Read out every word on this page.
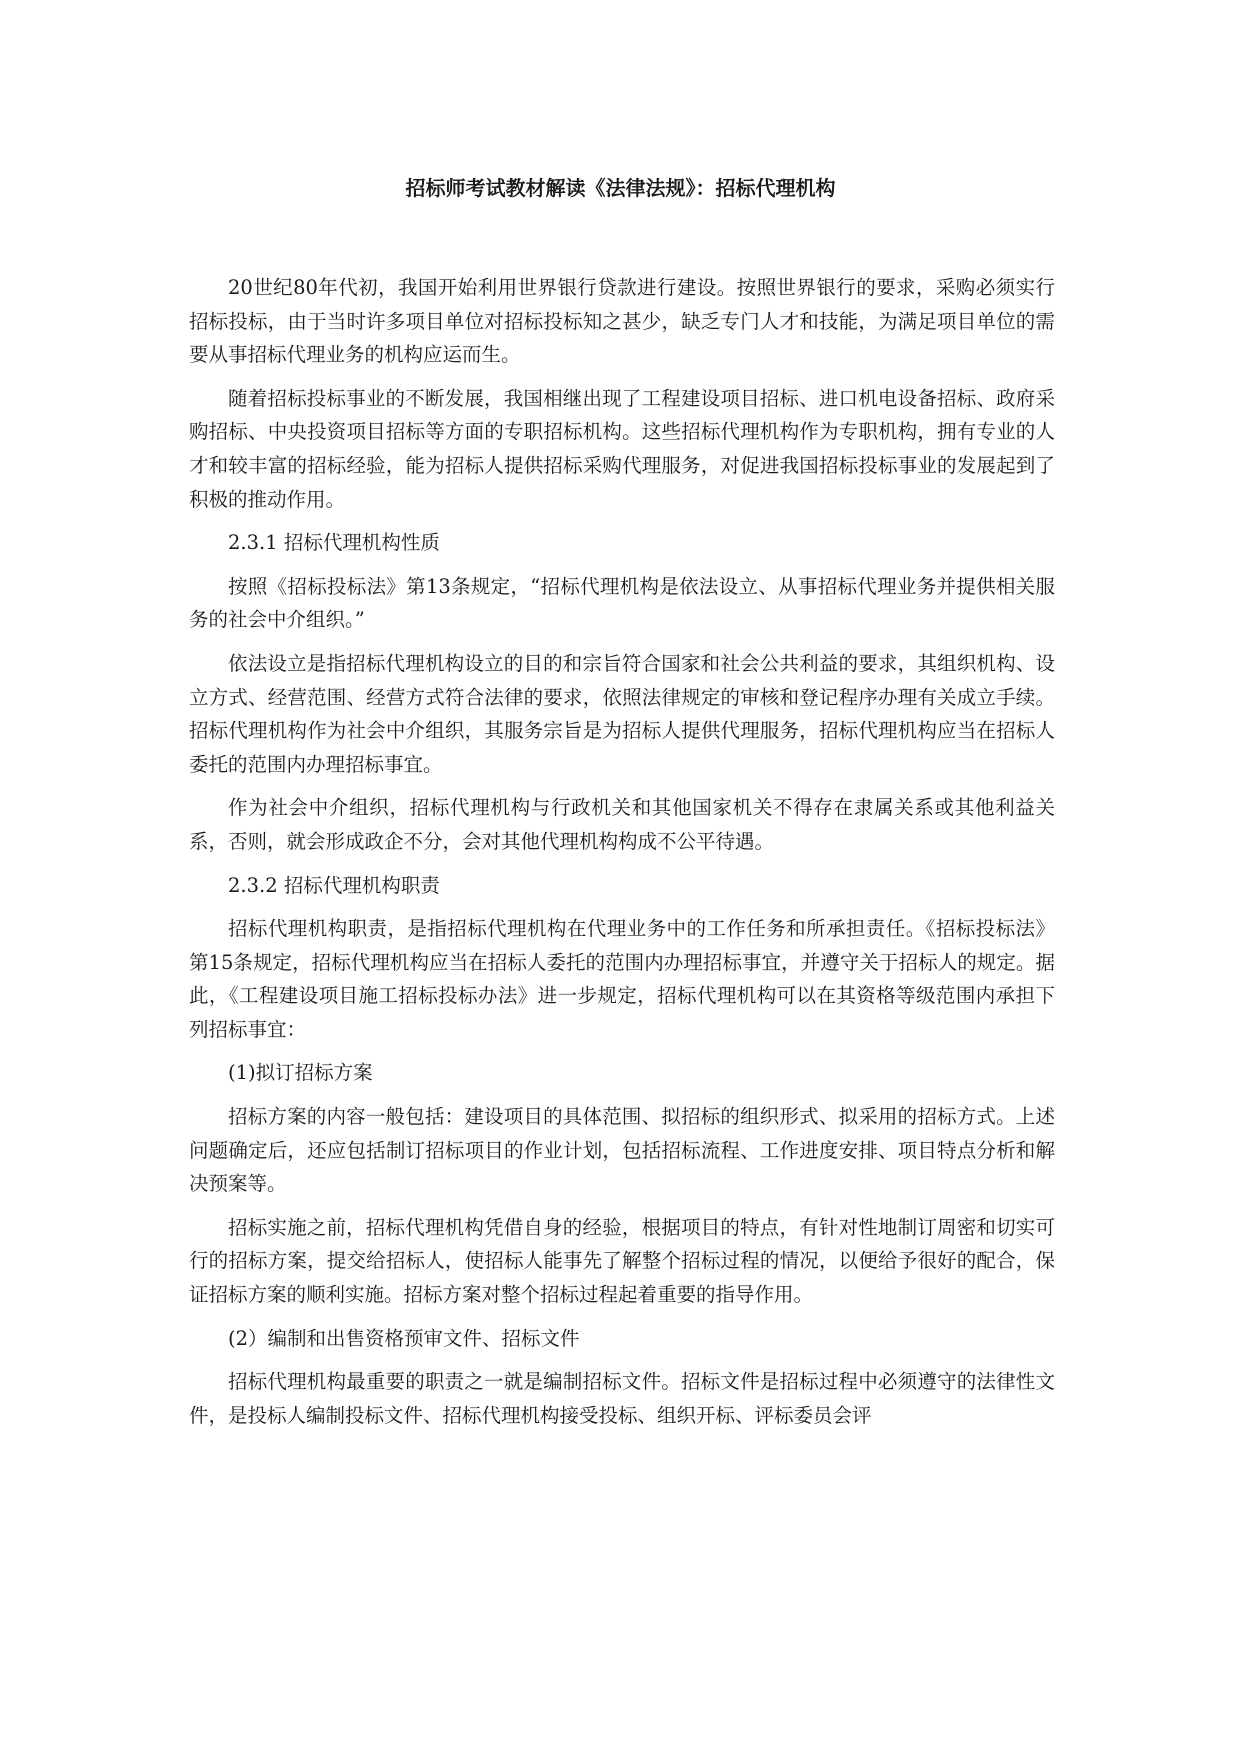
招标师考试教材解读《法律法规》：招标代理机构

20世纪80年代初，我国开始利用世界银行贷款进行建设。按照世界银行的要求，采购必须实行招标投标，由于当时许多项目单位对招标投标知之甚少，缺乏专门人才和技能，为满足项目单位的需要从事招标代理业务的机构应运而生。

随着招标投标事业的不断发展，我国相继出现了工程建设项目招标、进口机电设备招标、政府采购招标、中央投资项目招标等方面的专职招标机构。这些招标代理机构作为专职机构，拥有专业的人才和较丰富的招标经验，能为招标人提供招标采购代理服务，对促进我国招标投标事业的发展起到了积极的推动作用。

2.3.1 招标代理机构性质

按照《招标投标法》第13条规定，“招标代理机构是依法设立、从事招标代理业务并提供相关服务的社会中介组织。”

依法设立是指招标代理机构设立的目的和宗旨符合国家和社会公共利益的要求，其组织机构、设立方式、经营范围、经营方式符合法律的要求，依照法律规定的审核和登记程序办理有关成立手续。招标代理机构作为社会中介组织，其服务宗旨是为招标人提供代理服务，招标代理机构应当在招标人委托的范围内办理招标事宜。

作为社会中介组织，招标代理机构与行政机关和其他国家机关不得存在隶属关系或其他利益关系，否则，就会形成政企不分，会对其他代理机构构成不公平待遇。

2.3.2 招标代理机构职责

招标代理机构职责，是指招标代理机构在代理业务中的工作任务和所承担责任。《招标投标法》第15条规定，招标代理机构应当在招标人委托的范围内办理招标事宜，并遵守关于招标人的规定。据此，《工程建设项目施工招标投标办法》进一步规定，招标代理机构可以在其资格等级范围内承担下列招标事宜：

(1)拟订招标方案

招标方案的内容一般包括：建设项目的具体范围、拟招标的组织形式、拟采用的招标方式。上述问题确定后，还应包括制订招标项目的作业计划，包括招标流程、工作进度安排、项目特点分析和解决预案等。

招标实施之前，招标代理机构凭借自身的经验，根据项目的特点，有针对性地制订周密和切实可行的招标方案，提交给招标人，使招标人能事先了解整个招标过程的情况，以便给予很好的配合，保证招标方案的顺利实施。招标方案对整个招标过程起着重要的指导作用。

(2）编制和出售资格预审文件、招标文件

招标代理机构最重要的职责之一就是编制招标文件。招标文件是招标过程中必须遵守的法律性文件，是投标人编制投标文件、招标代理机构接受投标、组织开标、评标委员会评
